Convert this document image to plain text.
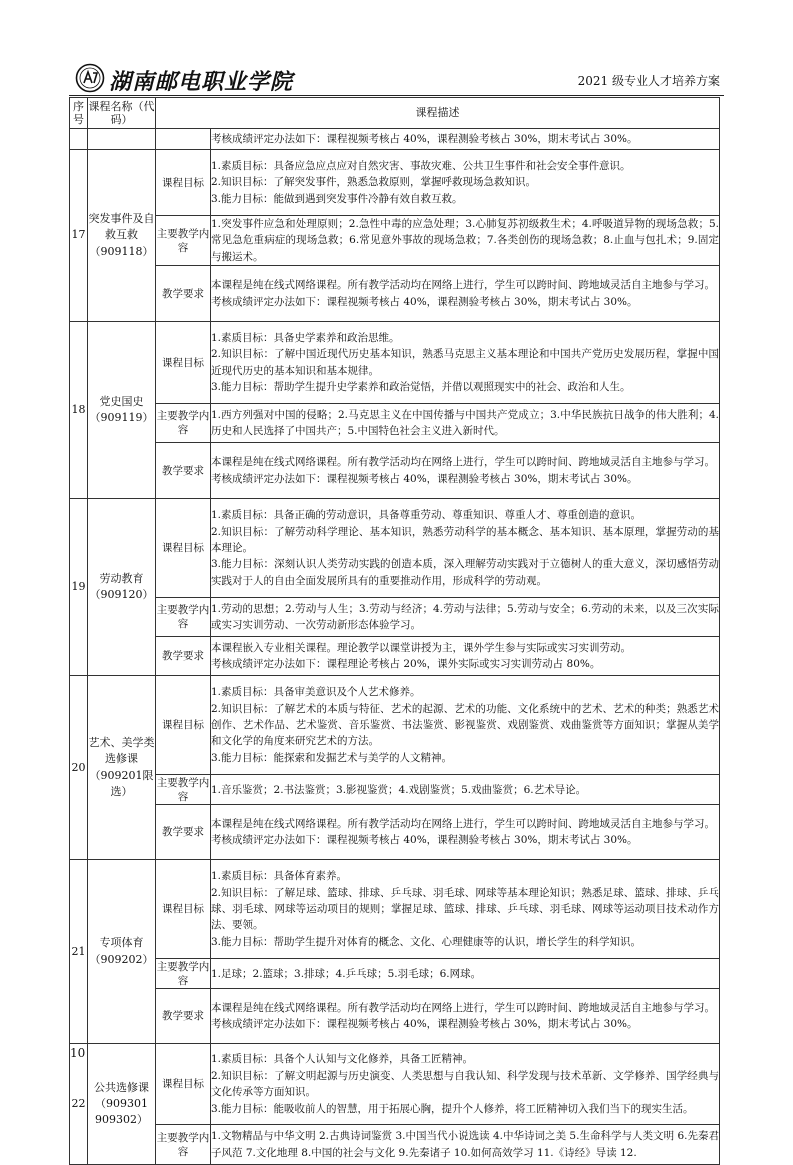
湖南邮电职业学院	2021 级专业人才培养方案
序号	课程名称（代码）	课程描述	
			考核成绩评定办法如下：课程视频考核占 40%，课程测验考核占 30%，期末考试占 30%。
17	突发事件及自救互救（909118）	课程目标	1.素质目标：具备应急应点应对自然灾害、事故灾难、公共卫生事件和社会安全事件意识。
2.知识目标：了解突发事件，熟悉急救原则，掌握呼救现场急救知识。
3.能力目标：能做到遇到突发事件冷静有效自救互救。

		主要教学内容	1.突发事件应急和处理原则；2.急性中毒的应急处理；3.心肺复苏初级救生术；4.呼吸道异物的现场急救；5.常见急危重病症的现场急救；6.常见意外事故的现场急救；7.各类创伤的现场急救；8.止血与包扎术；9.固定与搬运术。

		教学要求	本课程是纯在线式网络课程。所有教学活动均在网络上进行，学生可以跨时间、跨地域灵活自主地参与学习。
考核成绩评定办法如下：课程视频考核占 40%，课程测验考核占 30%，期末考试占 30%。

18	党史国史（909119）	课程目标	1.素质目标：具备史学素养和政治思维。
2.知识目标：了解中国近现代历史基本知识，熟悉马克思主义基本理论和中国共产党历史发展历程，掌握中国近现代历史的基本知识和基本规律。
3.能力目标：帮助学生提升史学素养和政治觉悟，并借以观照现实中的社会、政治和人生。

		主要教学内容	1.西方列强对中国的侵略；2.马克思主义在中国传播与中国共产党成立；3.中华民族抗日战争的伟大胜利；4.历史和人民选择了中国共产；5.中国特色社会主义进入新时代。

		教学要求	本课程是纯在线式网络课程。所有教学活动均在网络上进行，学生可以跨时间、跨地域灵活自主地参与学习。
考核成绩评定办法如下：课程视频考核占 40%，课程测验考核占 30%，期末考试占 30%。

19	劳动教育（909120）	课程目标	1.素质目标：具备正确的劳动意识，具备尊重劳动、尊重知识、尊重人才、尊重创造的意识。
2.知识目标：了解劳动科学理论、基本知识，熟悉劳动科学的基本概念、基本知识、基本原理，掌握劳动的基本理论。
3.能力目标：深刻认识人类劳动实践的创造本质，深入理解劳动实践对于立德树人的重大意义，深切感悟劳动实践对于人的自由全面发展所具有的重要推动作用，形成科学的劳动观。

		主要教学内容	1.劳动的思想；2.劳动与人生；3.劳动与经济；4.劳动与法律；5.劳动与安全；6.劳动的未来，以及三次实际或实习实训劳动、一次劳动新形态体验学习。

		教学要求	本课程嵌入专业相关课程。理论教学以课堂讲授为主，课外学生参与实际或实习实训劳动。
考核成绩评定办法如下：课程理论考核占 20%，课外实际或实习实训劳动占 80%。

20	艺术、美学类选修课（909201限选）	课程目标	1.素质目标：具备审美意识及个人艺术修养。
2.知识目标：了解艺术的本质与特征、艺术的起源、艺术的功能、文化系统中的艺术、艺术的种类；熟悉艺术创作、艺术作品、艺术鉴赏、音乐鉴赏、书法鉴赏、影视鉴赏、戏剧鉴赏、戏曲鉴赏等方面知识；掌握从美学和文化学的角度来研究艺术的方法。
3.能力目标：能探索和发掘艺术与美学的人文精神。

		主要教学内容	1.音乐鉴赏；2.书法鉴赏；3.影视鉴赏；4.戏剧鉴赏；5.戏曲鉴赏；6.艺术导论。

		教学要求	本课程是纯在线式网络课程。所有教学活动均在网络上进行，学生可以跨时间、跨地域灵活自主地参与学习。
考核成绩评定办法如下：课程视频考核占 40%，课程测验考核占 30%，期末考试占 30%。

21	专项体育（909202）	课程目标	1.素质目标：具备体育素养。
2.知识目标：了解足球、篮球、排球、乒乓球、羽毛球、网球等基本理论知识；熟悉足球、篮球、排球、乒乓球、羽毛球、网球等运动项目的规则；掌握足球、篮球、排球、乒乓球、羽毛球、网球等运动项目技术动作方法、要领。
3.能力目标：帮助学生提升对体育的概念、文化、心理健康等的认识，增长学生的科学知识。

		主要教学内容	1.足球；2.篮球；3.排球；4.乒乓球；5.羽毛球；6.网球。

		教学要求	本课程是纯在线式网络课程。所有教学活动均在网络上进行，学生可以跨时间、跨地域灵活自主地参与学习。
考核成绩评定办法如下：课程视频考核占 40%，课程测验考核占 30%，期末考试占 30%。

22	公共选修课（909301 909302）	课程目标	1.素质目标：具备个人认知与文化修养，具备工匠精神。
2.知识目标：了解文明起源与历史演变、人类思想与自我认知、科学发现与技术革新、文学修养、国学经典与文化传承等方面知识。
3.能力目标：能吸收前人的智慧，用于拓展心胸，提升个人修养，将工匠精神切入我们当下的现实生活。

		主要教学内容	1.文物精品与中华文明 2.古典诗词鉴赏 3.中国当代小说选读 4.中华诗词之美 5.生命科学与人类文明 6.先秦君子风范 7.文化地理 8.中国的社会与文化 9.先秦诸子 10.如何高效学习 11.《诗经》导读 12.
10
